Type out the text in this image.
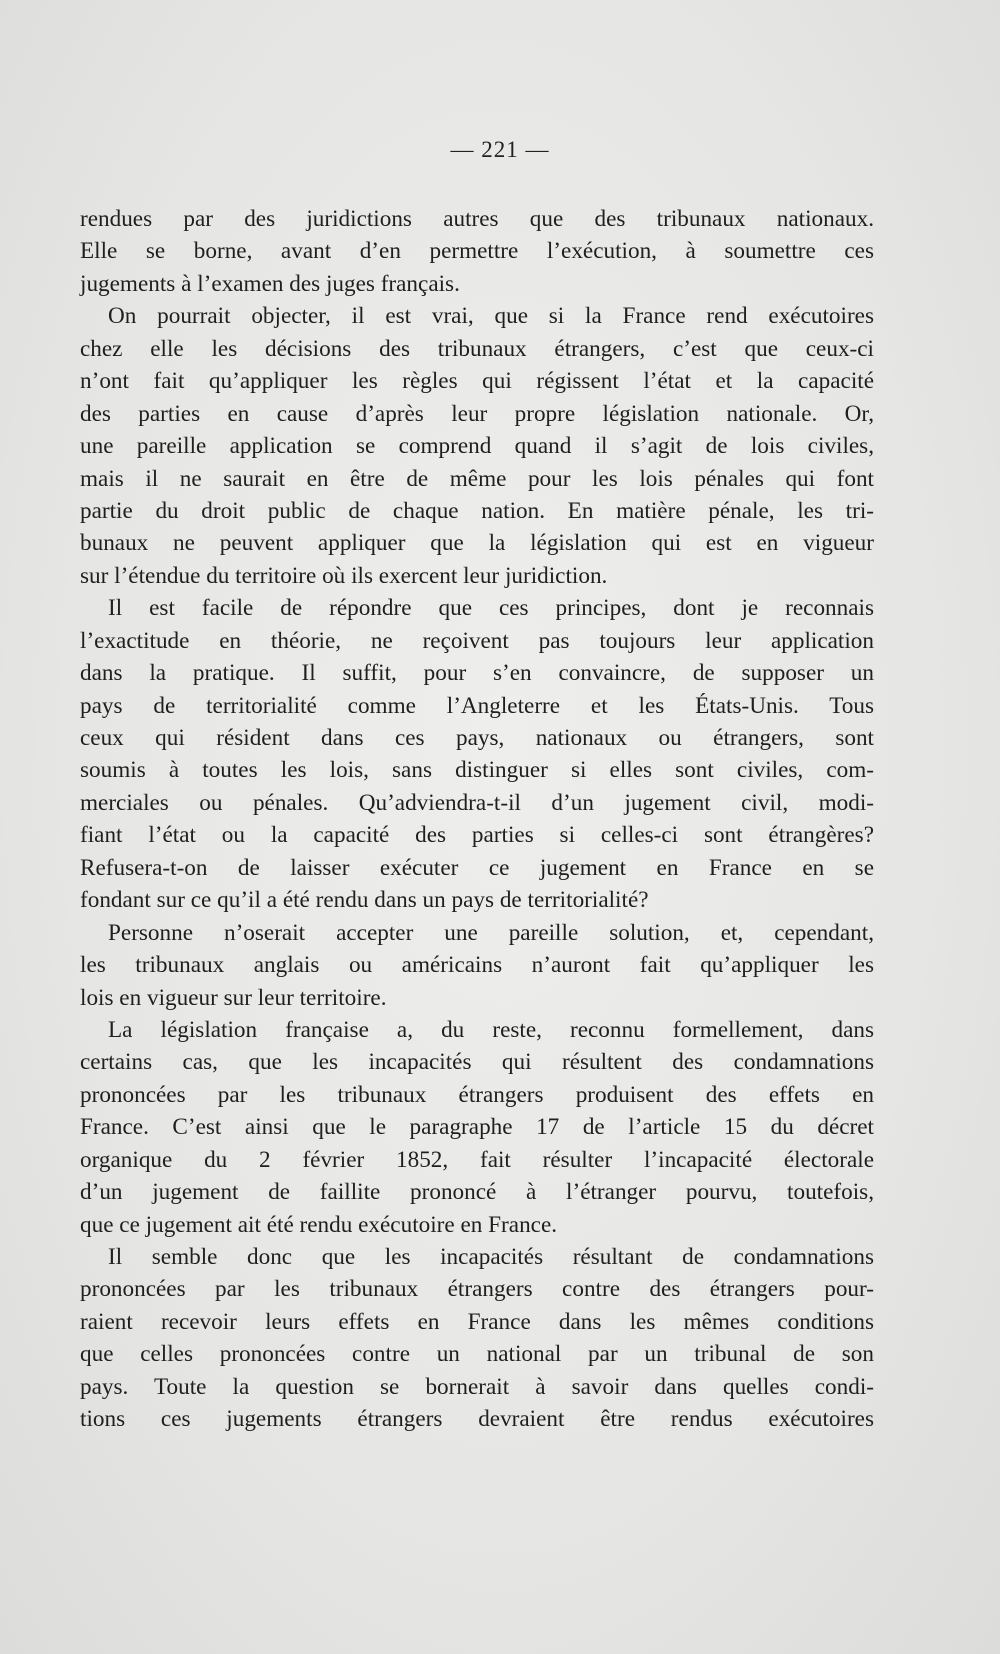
— 221 —
rendues par des juridictions autres que des tribunaux nationaux.
Elle se borne, avant d’en permettre l’exécution, à soumettre ces
jugements à l’examen des juges français.
On pourrait objecter, il est vrai, que si la France rend exécutoires
chez elle les décisions des tribunaux étrangers, c’est que ceux-ci
n’ont fait qu’appliquer les règles qui régissent l’état et la capacité
des parties en cause d’après leur propre législation nationale. Or,
une pareille application se comprend quand il s’agit de lois civiles,
mais il ne saurait en être de même pour les lois pénales qui font
partie du droit public de chaque nation. En matière pénale, les tri-
bunaux ne peuvent appliquer que la législation qui est en vigueur
sur l’étendue du territoire où ils exercent leur juridiction.
Il est facile de répondre que ces principes, dont je reconnais
l’exactitude en théorie, ne reçoivent pas toujours leur application
dans la pratique. Il suffit, pour s’en convaincre, de supposer un
pays de territorialité comme l’Angleterre et les États-Unis. Tous
ceux qui résident dans ces pays, nationaux ou étrangers, sont
soumis à toutes les lois, sans distinguer si elles sont civiles, com-
merciales ou pénales. Qu’adviendra-t-il d’un jugement civil, modi-
fiant l’état ou la capacité des parties si celles-ci sont étrangères?
Refusera-t-on de laisser exécuter ce jugement en France en se
fondant sur ce qu’il a été rendu dans un pays de territorialité?
Personne n’oserait accepter une pareille solution, et, cependant,
les tribunaux anglais ou américains n’auront fait qu’appliquer les
lois en vigueur sur leur territoire.
La législation française a, du reste, reconnu formellement, dans
certains cas, que les incapacités qui résultent des condamnations
prononcées par les tribunaux étrangers produisent des effets en
France. C’est ainsi que le paragraphe 17 de l’article 15 du décret
organique du 2 février 1852, fait résulter l’incapacité électorale
d’un jugement de faillite prononcé à l’étranger pourvu, toutefois,
que ce jugement ait été rendu exécutoire en France.
Il semble donc que les incapacités résultant de condamnations
prononcées par les tribunaux étrangers contre des étrangers pour-
raient recevoir leurs effets en France dans les mêmes conditions
que celles prononcées contre un national par un tribunal de son
pays. Toute la question se bornerait à savoir dans quelles condi-
tions ces jugements étrangers devraient être rendus exécutoires
